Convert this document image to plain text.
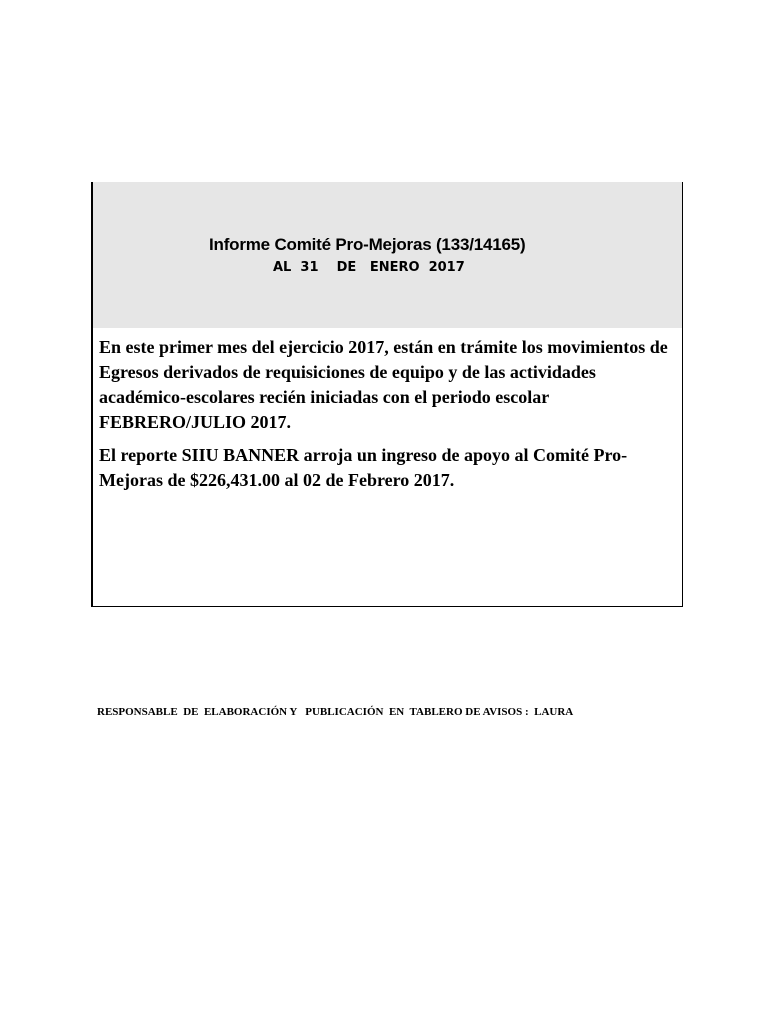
Informe Comité Pro-Mejoras (133/14165)
AL  31    DE   ENERO  2017

En este primer mes del ejercicio 2017, están en trámite los movimientos de Egresos derivados de requisiciones de equipo y de las actividades académico-escolares recién iniciadas con el periodo escolar FEBRERO/JULIO 2017.

El reporte SIIU BANNER arroja un ingreso de apoyo al Comité Pro-Mejoras de $226,431.00 al 02 de Febrero 2017.

RESPONSABLE  DE  ELABORACIÓN Y   PUBLICACIÓN  EN  TABLERO DE AVISOS :  LAURA
